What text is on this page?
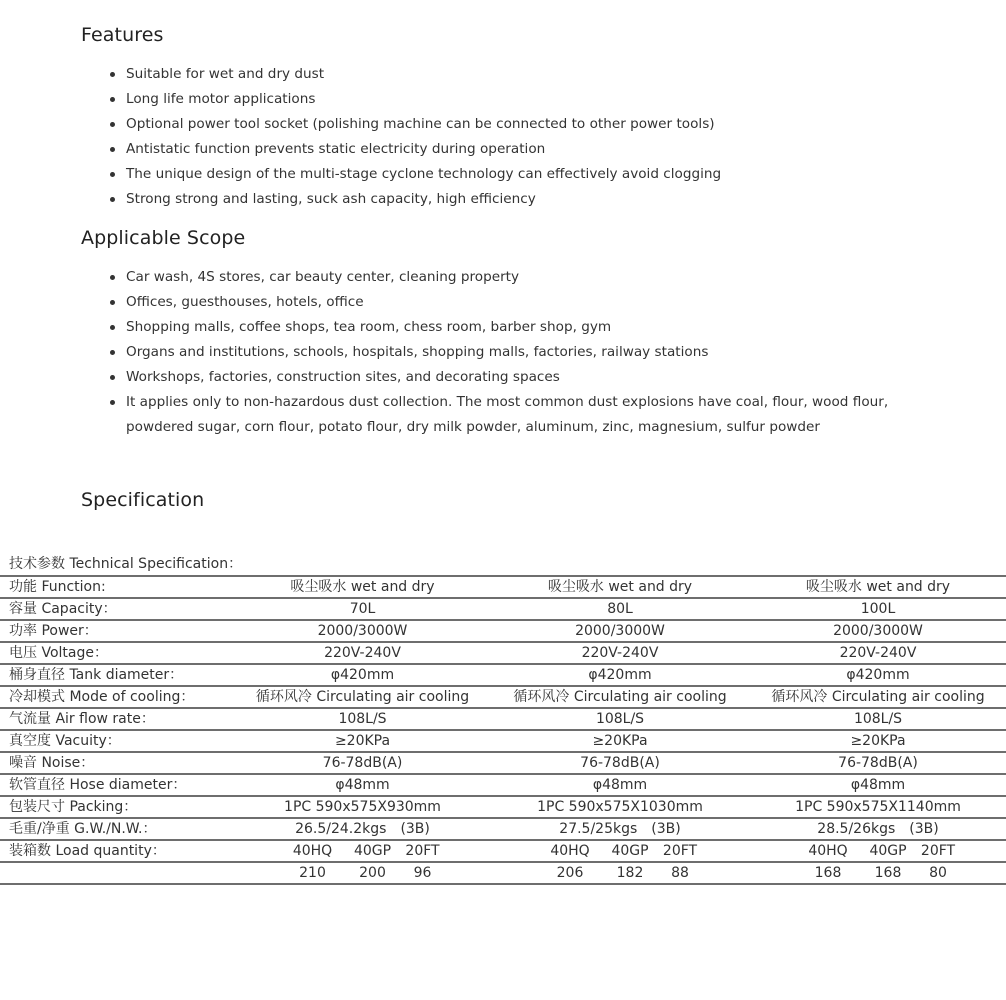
Features
Suitable for wet and dry dust
Long life motor applications
Optional power tool socket (polishing machine can be connected to other power tools)
Antistatic function prevents static electricity during operation
The unique design of the multi-stage cyclone technology can effectively avoid clogging
Strong strong and lasting, suck ash capacity, high efficiency
Applicable Scope
Car wash, 4S stores, car beauty center, cleaning property
Offices, guesthouses, hotels, office
Shopping malls, coffee shops, tea room, chess room, barber shop, gym
Organs and institutions, schools, hospitals, shopping malls, factories, railway stations
Workshops, factories, construction sites, and decorating spaces
It applies only to non-hazardous dust collection. The most common dust explosions have coal, flour, wood flour, powdered sugar, corn flour, potato flour, dry milk powder, aluminum, zinc, magnesium, sulfur powder
Specification
技术参数 Technical Specification：
功能 Function:	吸尘吸水 wet and dry	吸尘吸水 wet and dry	吸尘吸水 wet and dry
容量 Capacity：	70L	80L	100L
功率 Power：	2000/3000W	2000/3000W	2000/3000W
电压 Voltage：	220V-240V	220V-240V	220V-240V
桶身直径 Tank diameter：	φ420mm	φ420mm	φ420mm
冷却模式 Mode of cooling：	循环风冷 Circulating air cooling	循环风冷 Circulating air cooling	循环风冷 Circulating air cooling
气流量 Air flow rate：	108L/S	108L/S	108L/S
真空度 Vacuity：	≥20KPa	≥20KPa	≥20KPa
噪音 Noise：	76-78dB(A)	76-78dB(A)	76-78dB(A)
软管直径 Hose diameter：	φ48mm	φ48mm	φ48mm
包装尺寸 Packing：	1PC 590x575X930mm	1PC 590x575X1030mm	1PC 590x575X1140mm
毛重/净重 G.W./N.W.：	26.5/24.2kgs　(3B)	27.5/25kgs　(3B)	28.5/26kgs　(3B)
装箱数 Load quantity：	40HQ 40GP 20FT	40HQ 40GP 20FT	40HQ 40GP 20FT
	210 200 96	206 182 88	168 168 80
